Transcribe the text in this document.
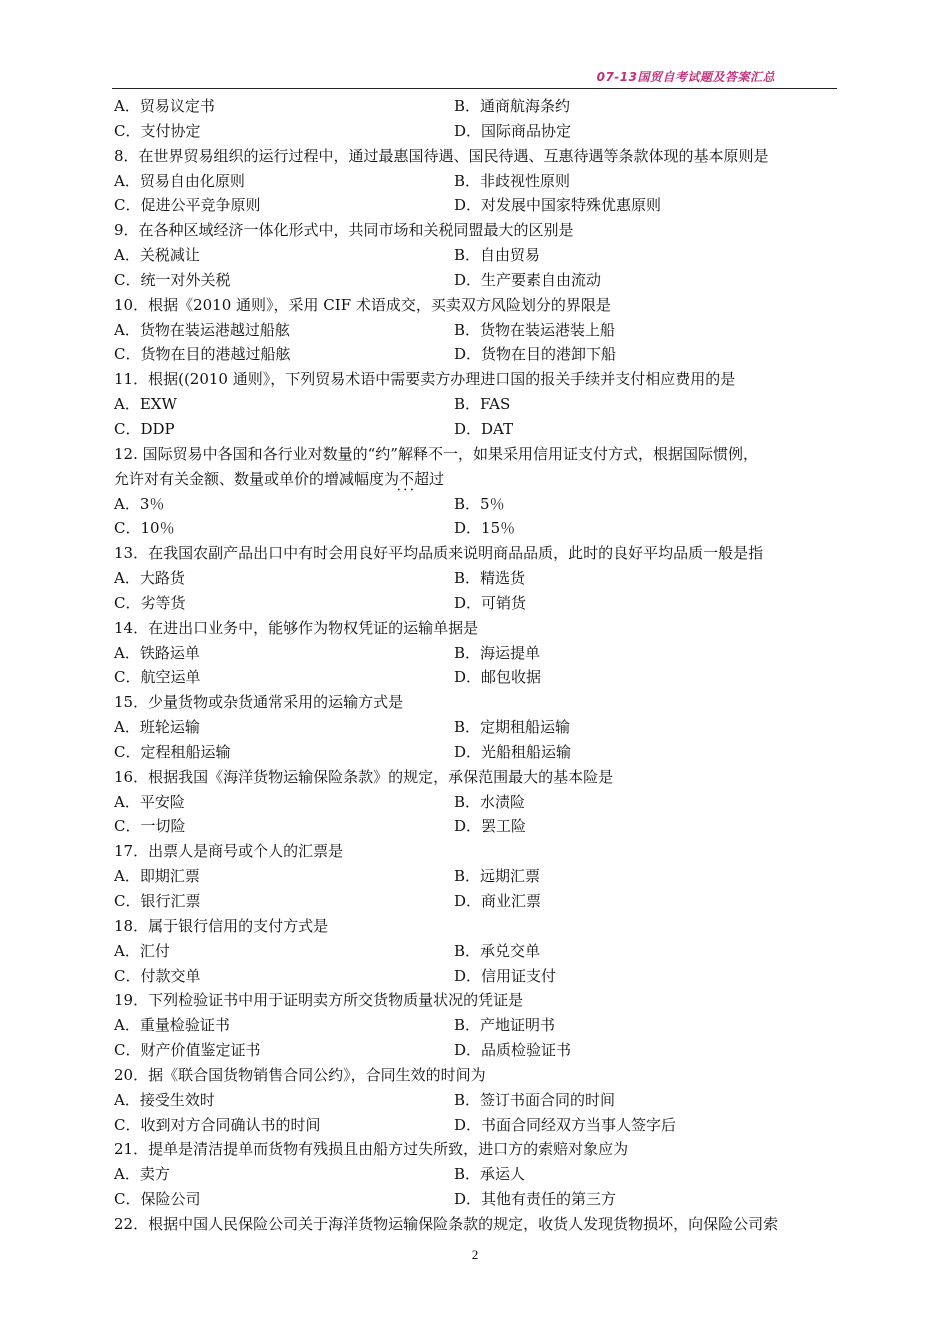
07-13国贸自考试题及答案汇总
A．贸易议定书	B．通商航海条约
C．支付协定	D．国际商品协定
8．在世界贸易组织的运行过程中，通过最惠国待遇、国民待遇、互惠待遇等条款体现的基本原则是
A．贸易自由化原则	B．非歧视性原则
C．促进公平竞争原则	D．对发展中国家特殊优惠原则
9．在各种区域经济一体化形式中，共同市场和关税同盟最大的区别是
A．关税减让	B．自由贸易
C．统一对外关税	D．生产要素自由流动
10．根据《2010 通则》，采用 CIF 术语成交，买卖双方风险划分的界限是
A．货物在装运港越过船舷	B．货物在装运港装上船
C．货物在目的港越过船舷	D．货物在目的港卸下船
11．根据((2010 通则》，下列贸易术语中需要卖方办理进口国的报关手续并支付相应费用的是
A．EXW	B．FAS
C．DDP	D．DAT
12. 国际贸易中各国和各行业对数量的“约”解释不一，如果采用信用证支付方式，根据国际惯例，
允许对有关金额、数量或单价的增减幅度为不超过 • • •
A．3％	B．5％
C．10％	D．15％
13．在我国农副产品出口中有时会用良好平均品质来说明商品品质，此时的良好平均品质一般是指
A．大路货	B．精选货
C．劣等货	D．可销货
14．在进出口业务中，能够作为物权凭证的运输单据是
A．铁路运单	B．海运提单
C．航空运单	D．邮包收据
15．少量货物或杂货通常采用的运输方式是
A．班轮运输	B．定期租船运输
C．定程租船运输	D．光船租船运输
16．根据我国《海洋货物运输保险条款》的规定，承保范围最大的基本险是
A．平安险	B．水渍险
C．一切险	D．罢工险
17．出票人是商号或个人的汇票是
A．即期汇票	B．远期汇票
C．银行汇票	D．商业汇票
18．属于银行信用的支付方式是
A．汇付	B．承兑交单
C．付款交单	D．信用证支付
19．下列检验证书中用于证明卖方所交货物质量状况的凭证是
A．重量检验证书	B．产地证明书
C．财产价值鉴定证书	D．品质检验证书
20．据《联合国货物销售合同公约》，合同生效的时间为
A．接受生效时	B．签订书面合同的时间
C．收到对方合同确认书的时间	D．书面合同经双方当事人签字后
21．提单是清洁提单而货物有残损且由船方过失所致，进口方的索赔对象应为
A．卖方	B．承运人
C．保险公司	D．其他有责任的第三方
22．根据中国人民保险公司关于海洋货物运输保险条款的规定，收货人发现货物损坏，向保险公司索
2
